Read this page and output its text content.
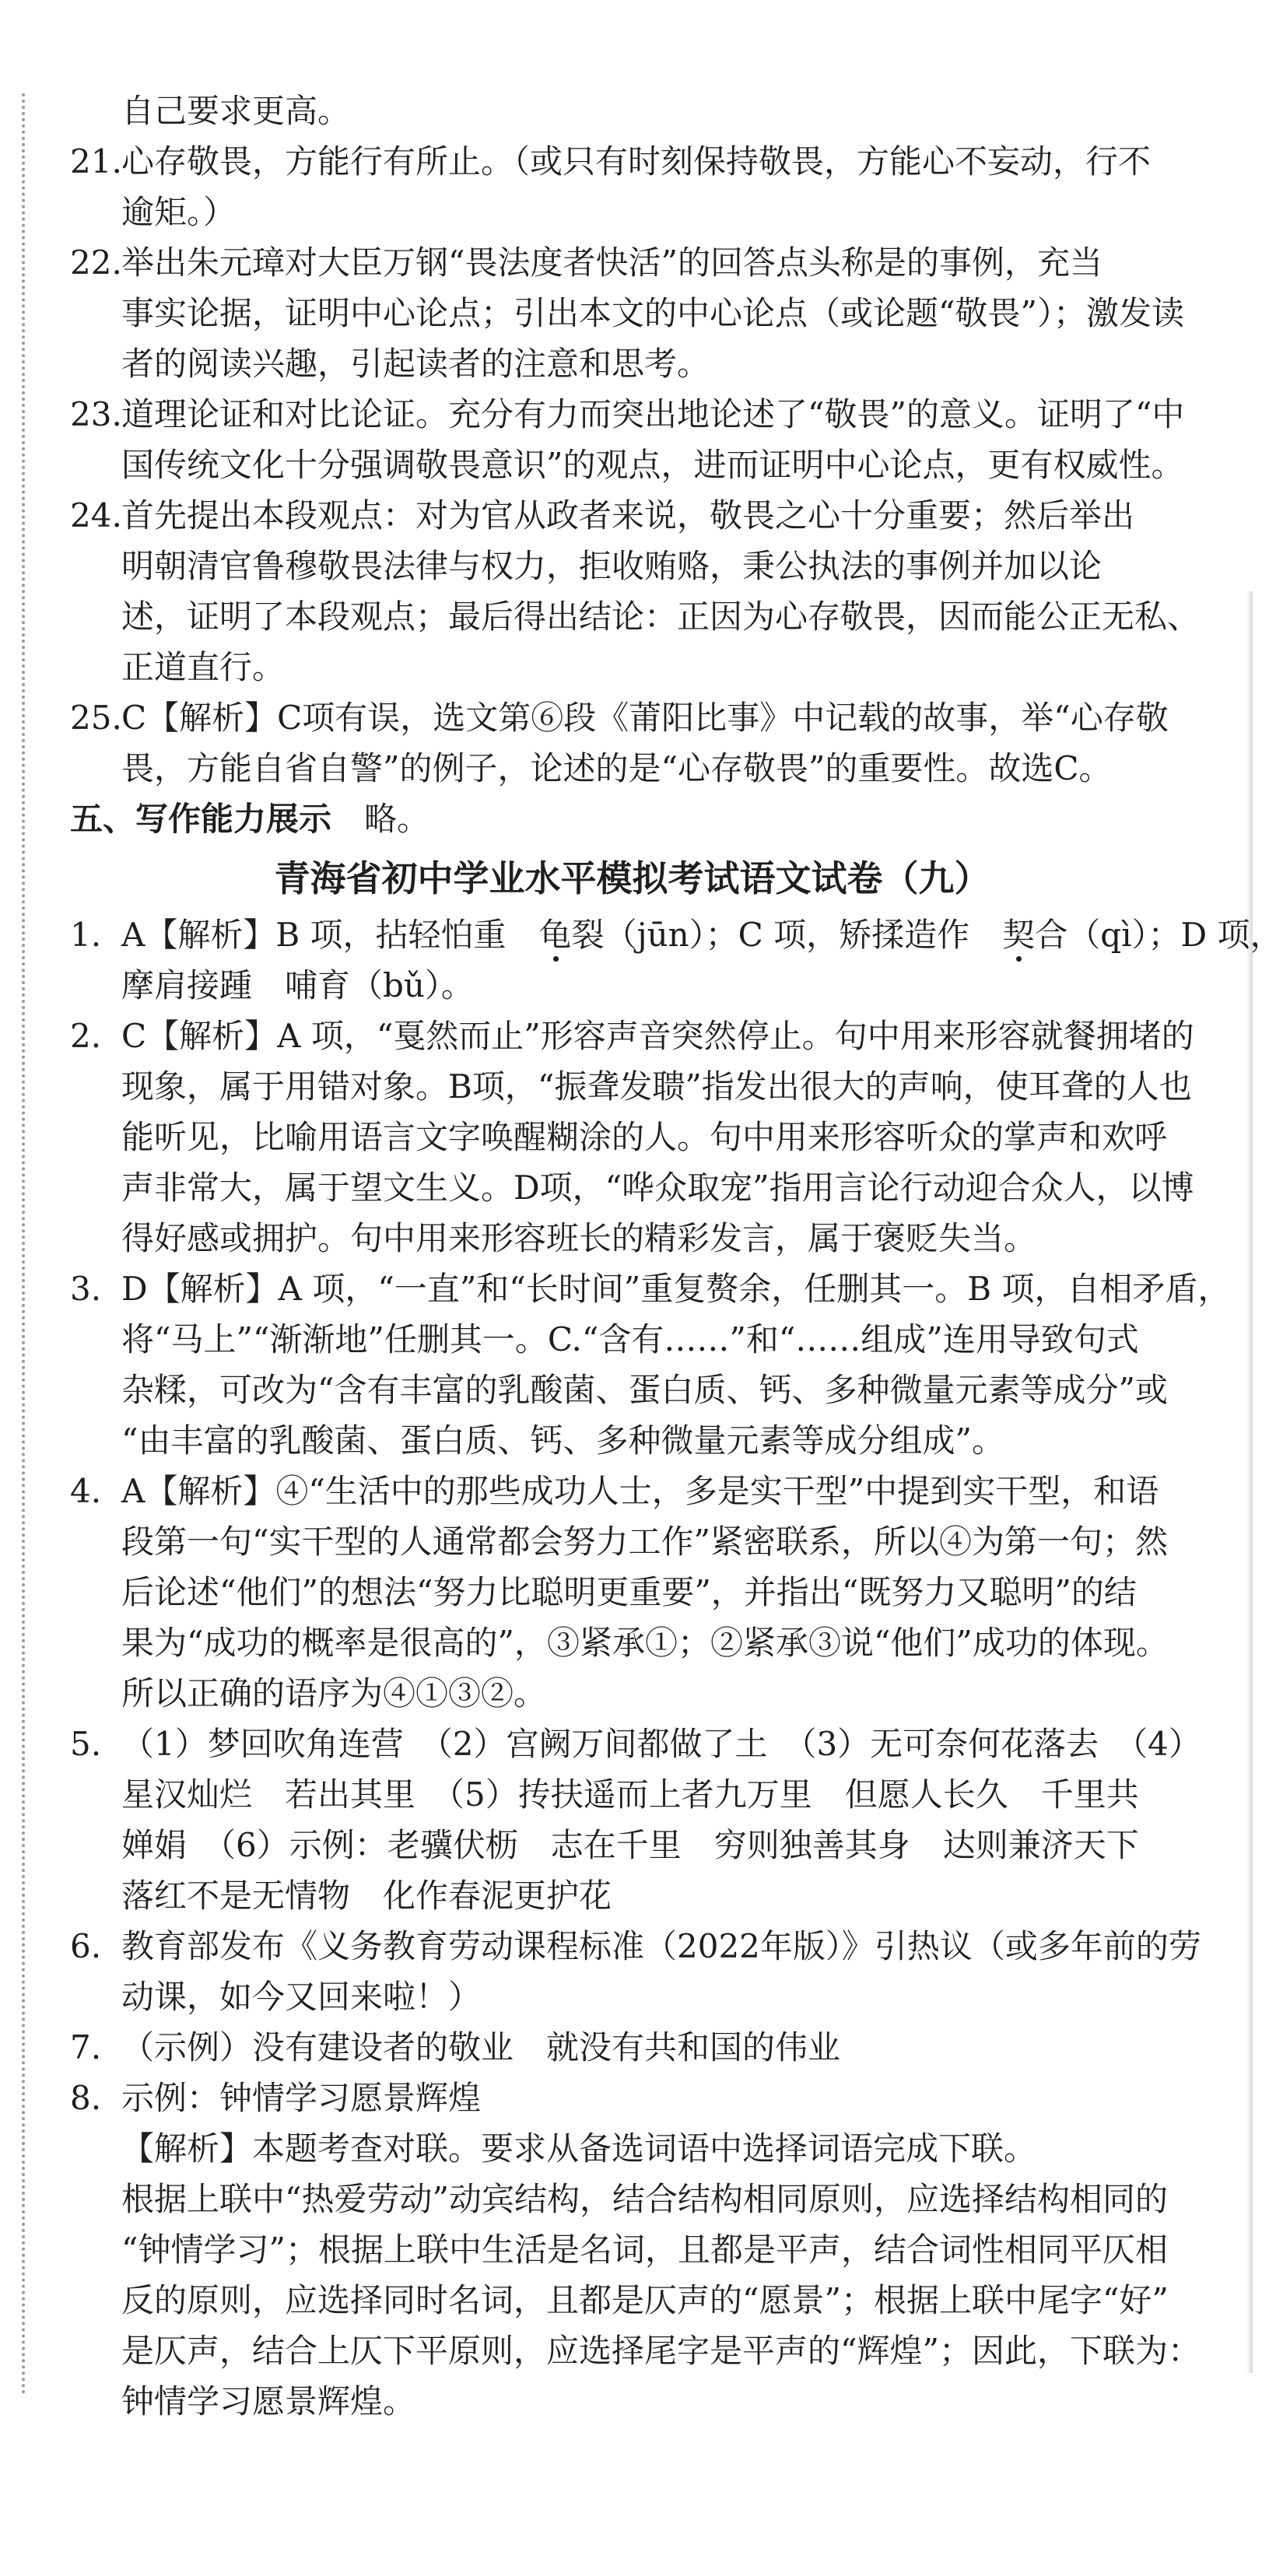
自己要求更高。
21. 心存敬畏，方能行有所止。（或只有时刻保持敬畏，方能心不妄动，行不
逾矩。）
22. 举出朱元璋对大臣万钢“畏法度者快活”的回答点头称是的事例，充当
事实论据，证明中心论点；引出本文的中心论点（或论题“敬畏”）；激发读
者的阅读兴趣，引起读者的注意和思考。
23. 道理论证和对比论证。充分有力而突出地论述了“敬畏”的意义。证明了“中
国传统文化十分强调敬畏意识”的观点，进而证明中心论点，更有权威性。
24. 首先提出本段观点：对为官从政者来说，敬畏之心十分重要；然后举出
明朝清官鲁穆敬畏法律与权力，拒收贿赂，秉公执法的事例并加以论
述，证明了本段观点；最后得出结论：正因为心存敬畏，因而能公正无私、
正道直行。
25. C【解析】C项有误，选文第⑥段《莆阳比事》中记载的故事，举“心存敬
畏，方能自省自警”的例子，论述的是“心存敬畏”的重要性。故选C。
五、写作能力展示　略。
青海省初中学业水平模拟考试语文试卷（九）
1. A【解析】B 项，拈轻怕重　龟裂（jūn）；C 项，矫揉造作　契合（qì）；D 项，
摩肩接踵　哺育（bǔ）。
2. C【解析】A 项，“戛然而止”形容声音突然停止。句中用来形容就餐拥堵的
现象，属于用错对象。B项，“振聋发聩”指发出很大的声响，使耳聋的人也
能听见，比喻用语言文字唤醒糊涂的人。句中用来形容听众的掌声和欢呼
声非常大，属于望文生义。D项，“哗众取宠”指用言论行动迎合众人，以博
得好感或拥护。句中用来形容班长的精彩发言，属于褒贬失当。
3. D【解析】A 项，“一直”和“长时间”重复赘余，任删其一。B 项，自相矛盾，
将“马上”“渐渐地”任删其一。C.“含有……”和“……组成”连用导致句式
杂糅，可改为“含有丰富的乳酸菌、蛋白质、钙、多种微量元素等成分”或
“由丰富的乳酸菌、蛋白质、钙、多种微量元素等成分组成”。
4. A【解析】④“生活中的那些成功人士，多是实干型”中提到实干型，和语
段第一句“实干型的人通常都会努力工作”紧密联系，所以④为第一句；然
后论述“他们”的想法“努力比聪明更重要”，并指出“既努力又聪明”的结
果为“成功的概率是很高的”，③紧承①；②紧承③说“他们”成功的体现。
所以正确的语序为④①③②。
5. （1）梦回吹角连营　（2）宫阙万间都做了土　（3）无可奈何花落去　（4）
星汉灿烂　若出其里　（5）抟扶遥而上者九万里　但愿人长久　千里共
婵娟　（6）示例：老骥伏枥　志在千里　穷则独善其身　达则兼济天下
落红不是无情物　化作春泥更护花
6. 教育部发布《义务教育劳动课程标准（2022年版）》引热议（或多年前的劳
动课，如今又回来啦！）
7. （示例）没有建设者的敬业　就没有共和国的伟业
8. 示例：钟情学习愿景辉煌
【解析】本题考查对联。要求从备选词语中选择词语完成下联。
根据上联中“热爱劳动”动宾结构，结合结构相同原则，应选择结构相同的
“钟情学习”；根据上联中生活是名词，且都是平声，结合词性相同平仄相
反的原则，应选择同时名词，且都是仄声的“愿景”；根据上联中尾字“好”
是仄声，结合上仄下平原则，应选择尾字是平声的“辉煌”；因此，下联为：
钟情学习愿景辉煌。
